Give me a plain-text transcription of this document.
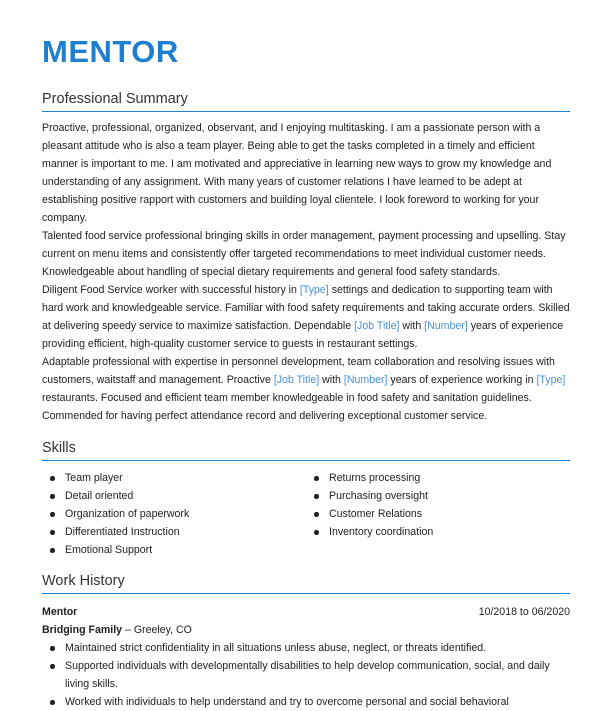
MENTOR
Professional Summary
Proactive, professional, organized, observant, and I enjoying multitasking. I am a passionate person with a pleasant attitude who is also a team player. Being able to get the tasks completed in a timely and efficient manner is important to me. I am motivated and appreciative in learning new ways to grow my knowledge and understanding of any assignment. With many years of customer relations I have learned to be adept at establishing positive rapport with customers and building loyal clientele. I look foreword to working for your company.
Talented food service professional bringing skills in order management, payment processing and upselling. Stay current on menu items and consistently offer targeted recommendations to meet individual customer needs. Knowledgeable about handling of special dietary requirements and general food safety standards.
Diligent Food Service worker with successful history in [Type] settings and dedication to supporting team with hard work and knowledgeable service. Familiar with food safety requirements and taking accurate orders. Skilled at delivering speedy service to maximize satisfaction. Dependable [Job Title] with [Number] years of experience providing efficient, high-quality customer service to guests in restaurant settings.
Adaptable professional with expertise in personnel development, team collaboration and resolving issues with customers, waitstaff and management. Proactive [Job Title] with [Number] years of experience working in [Type] restaurants. Focused and efficient team member knowledgeable in food safety and sanitation guidelines. Commended for having perfect attendance record and delivering exceptional customer service.
Skills
Team player
Detail oriented
Organization of paperwork
Differentiated Instruction
Emotional Support
Returns processing
Purchasing oversight
Customer Relations
Inventory coordination
Work History
Mentor	10/2018 to 06/2020
Bridging Family – Greeley, CO
Maintained strict confidentiality in all situations unless abuse, neglect, or threats identified.
Supported individuals with developmentally disabilities to help develop communication, social, and daily living skills.
Worked with individuals to help understand and try to overcome personal and social behavioral
